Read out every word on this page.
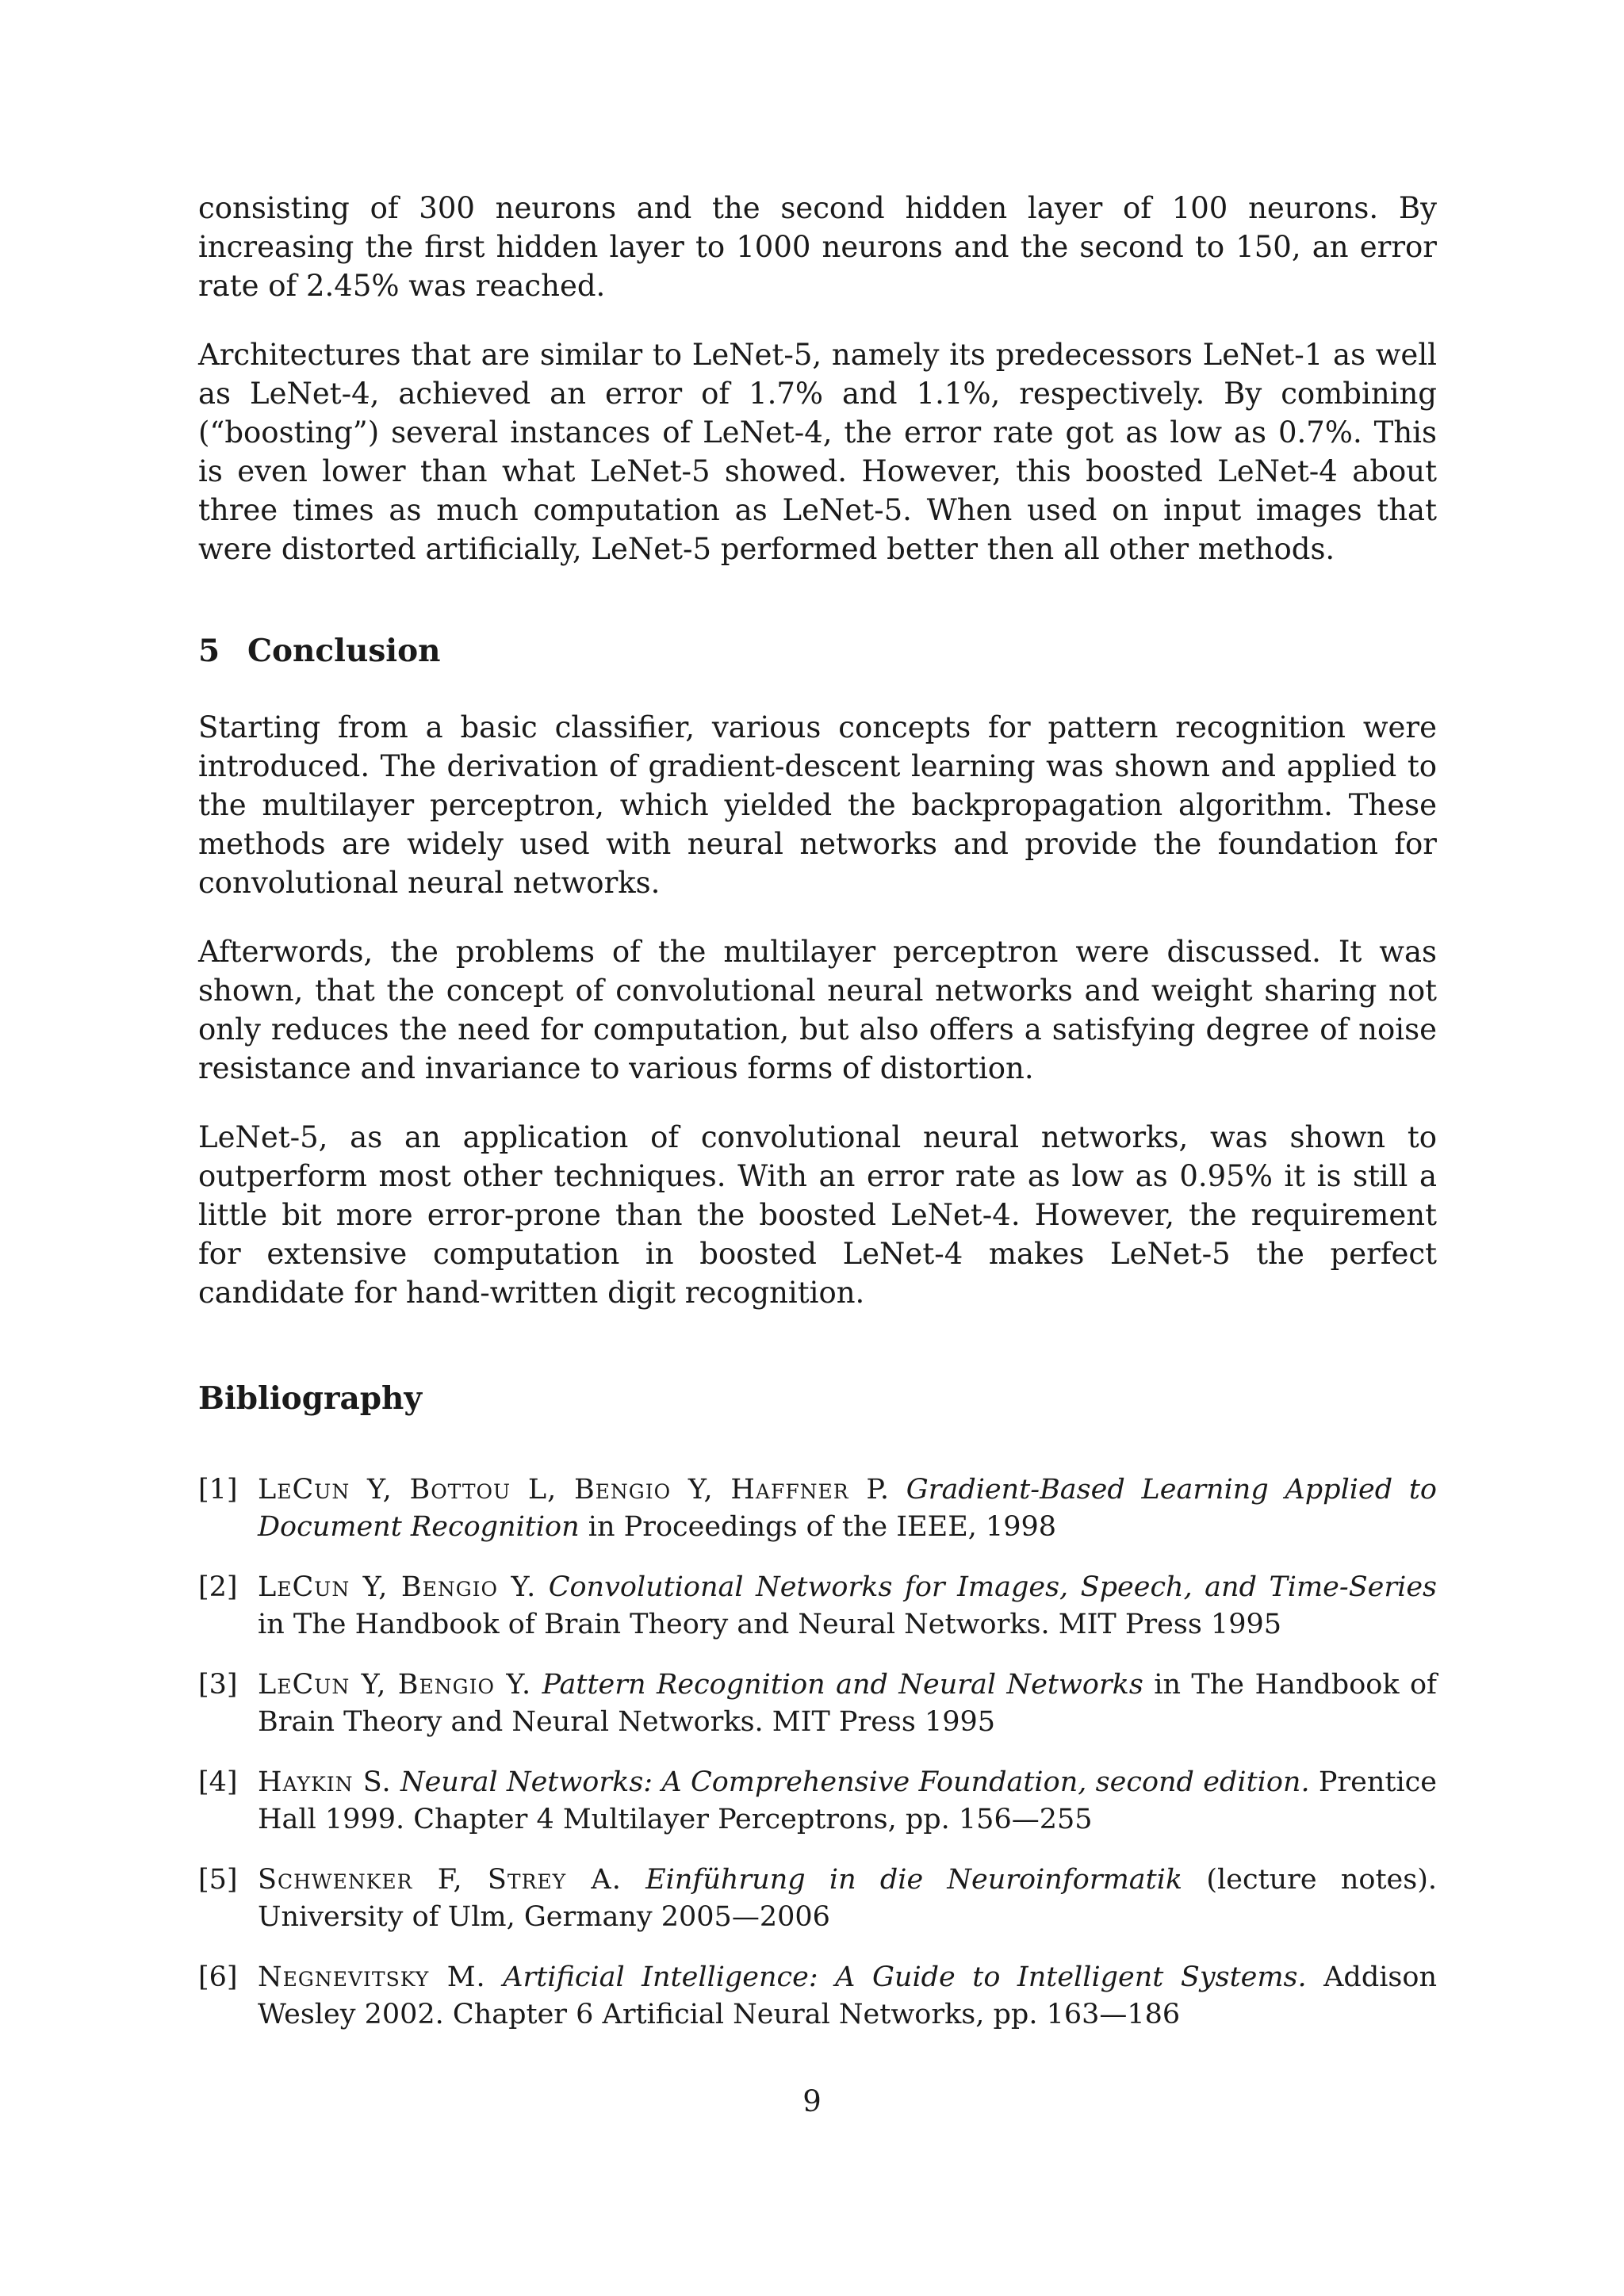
consisting of 300 neurons and the second hidden layer of 100 neurons. By increasing the first hidden layer to 1000 neurons and the second to 150, an error rate of 2.45% was reached.

Architectures that are similar to LeNet-5, namely its predecessors LeNet-1 as well as LeNet-4, achieved an error of 1.7% and 1.1%, respectively. By combining (“boosting”) several instances of LeNet-4, the error rate got as low as 0.7%. This is even lower than what LeNet-5 showed. However, this boosted LeNet-4 about three times as much computation as LeNet-5. When used on input images that were distorted artificially, LeNet-5 performed better then all other methods.

5 Conclusion

Starting from a basic classifier, various concepts for pattern recognition were introduced. The derivation of gradient-descent learning was shown and applied to the multilayer perceptron, which yielded the backpropagation algorithm. These methods are widely used with neural networks and provide the foundation for convolutional neural networks.

Afterwords, the problems of the multilayer perceptron were discussed. It was shown, that the concept of convolutional neural networks and weight sharing not only reduces the need for computation, but also offers a satisfying degree of noise resistance and invariance to various forms of distortion.

LeNet-5, as an application of convolutional neural networks, was shown to outperform most other techniques. With an error rate as low as 0.95% it is still a little bit more error-prone than the boosted LeNet-4. However, the requirement for extensive computation in boosted LeNet-4 makes LeNet-5 the perfect candidate for hand-written digit recognition.

Bibliography
[1] LeCun Y, Bottou L, Bengio Y, Haffner P. Gradient-Based Learning Applied to Document Recognition in Proceedings of the IEEE, 1998
[2] LeCun Y, Bengio Y. Convolutional Networks for Images, Speech, and Time-Series in The Handbook of Brain Theory and Neural Networks. MIT Press 1995
[3] LeCun Y, Bengio Y. Pattern Recognition and Neural Networks in The Handbook of Brain Theory and Neural Networks. MIT Press 1995
[4] Haykin S. Neural Networks: A Comprehensive Foundation, second edition. Prentice Hall 1999. Chapter 4 Multilayer Perceptrons, pp. 156—255
[5] Schwenker F, Strey A. Einführung in die Neuroinformatik (lecture notes). University of Ulm, Germany 2005—2006
[6] Negnevitsky M. Artificial Intelligence: A Guide to Intelligent Systems. Addison Wesley 2002. Chapter 6 Artificial Neural Networks, pp. 163—186
9
